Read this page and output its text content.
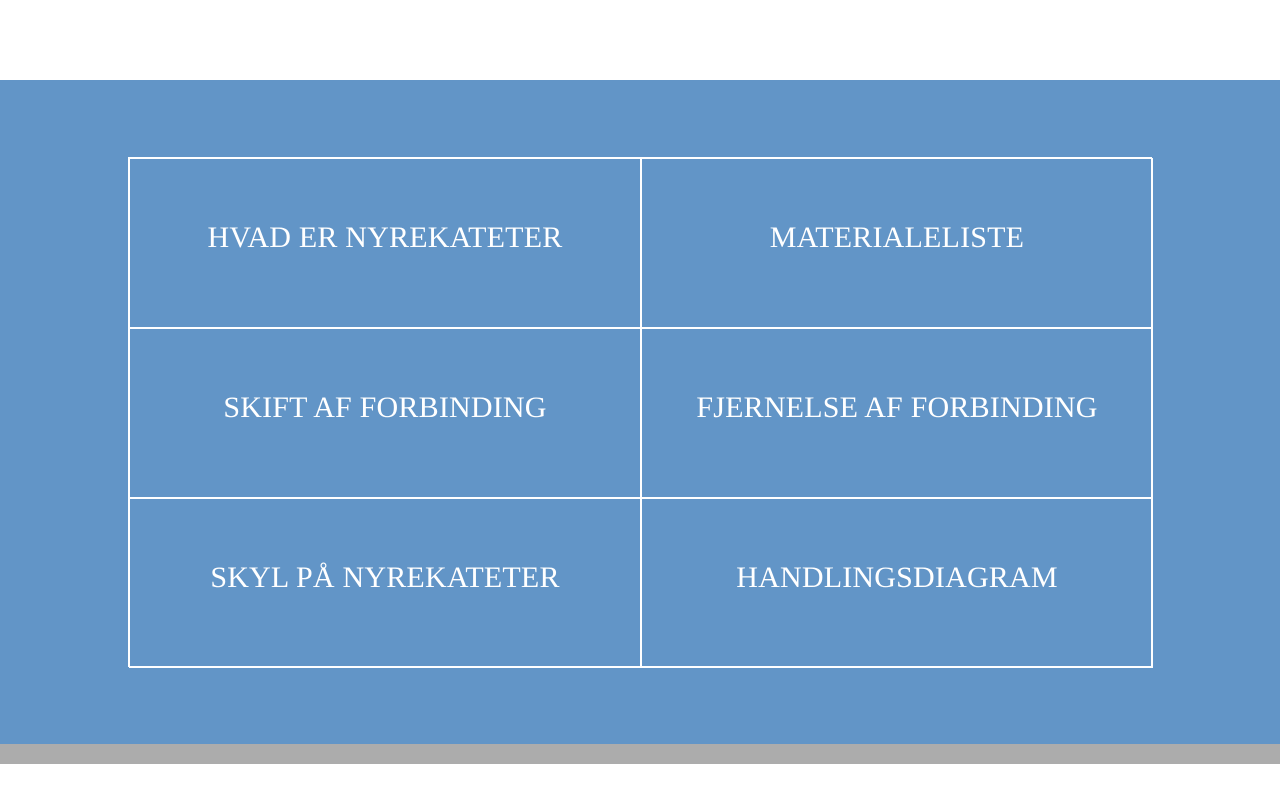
HVAD ER NYREKATETER	MATERIALELISTE
SKIFT AF FORBINDING	FJERNELSE AF FORBINDING
SKYL PÅ NYREKATETER	HANDLINGSDIAGRAM
